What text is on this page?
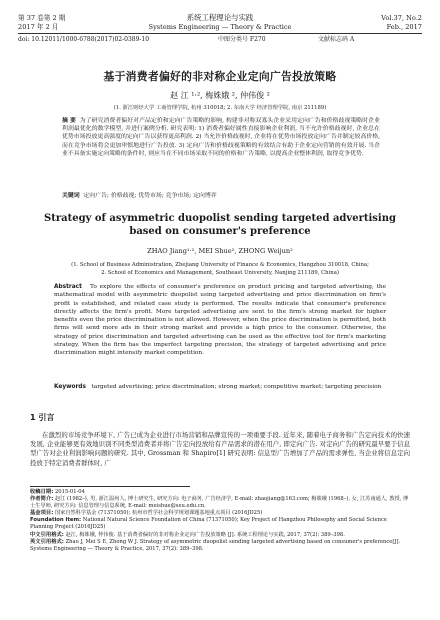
第 37 卷第 2 期
2017 年 2 月
系统工程理论与实践
Systems Engineering — Theory & Practice
Vol.37, No.2
Feb., 2017
doi: 10.12011/1000-6788(2017)02-0389-10	中图分类号 F270	文献标志码 A
基于消费者偏好的非对称企业定向广告投放策略
赵 江 ¹·², 梅姝娥 ², 仲伟俊 ²
(1. 浙江财经大学 工商管理学院, 杭州 310018; 2. 东南大学 经济管理学院, 南京 211189)
摘 要 为了研究消费者偏好对产品定价和定向广告策略的影响, 构建非对称双寡头企业采用定向广告和价格歧视策略时企业利润最优化的数学模型, 并进行案例分析. 研究表明: 1) 消费者偏好属性直接影响企业利润, 当不允许价格歧视时, 企业总在优势市场投放更高强度的定向广告以获得更高利润. 2) 当允许价格歧视时, 企业将在优势市场投放定向广告并制定较高价格, 而在竞争市场将会更加审慎地进行广告投放. 3) 定向广告和价格歧视策略的有效结合有助于企业定向营销的有效开展. 当企业不具备实施定向策略的条件时, 则应当在不同市场采取不同的价格和广告策略, 以提高企业整体利润, 取得竞争优势.
关键词 定向广告; 价格歧视; 优势市场; 竞争市场; 定向博弈
Strategy of asymmetric duopolist sending targeted advertising based on consumer's preference
ZHAO Jiang¹·², MEI Shue², ZHONG Weijun²
(1. School of Business Administration, Zhejiang University of Finance & Economics, Hangzhou 310018, China;
2. School of Economics and Management, Southeast University, Nanjing 211189, China)
Abstract To explore the effects of consumer's preference on product pricing and targeted advertising, the mathematical model with asymmetric duopolist using targeted advertising and price discrimination on firm's profit is established, and related case study is performed. The results indicate that consumer's preference directly affects the firm's profit. More targeted advertising are sent to the firm's strong market for higher benefits even the price discrimination is not allowed. However, when the price discrimination is permitted, both firms will send more ads in their strong market and provide a high price to the consumer. Otherwise, the strategy of price discrimination and targeted advertising can be used as the effective tool for firm's marketing strategy. When the firm has the imperfect targeting precision, the strategy of targeted advertising and price discrimination might intensify market competition.
Keywords targeted advertising; price discrimination; strong market; competitive market; targeting precision
1 引言
在激烈的市场竞争环境下, 广告已成为企业进行市场营销和品牌宣传的一项重要手段. 近年来, 随着电子商务和广告定向技术的快速发展, 企业能够更有效地识别不同类型消费者并将广告定向投放给有产品需求的潜在用户, 即定向广告. 对定向广告的研究最早要于信息型广告对企业利润影响问题的研究. 其中, Grossman 和 Shapiro[1] 研究表明: 信息型广告增加了产品的需求弹性, 当企业将信息定向投放于特定消费者群体时, 广
收稿日期: 2015-01-04
作者简介: 赵江 (1982–), 男, 浙江温州人, 博士研究生, 研究方向: 电子商务, 广告经济学, E-mail: zhaojiang@163.com; 梅姝娥 (1968–), 女, 江苏南通人, 教授, 博士生导师, 研究方向: 信息管理与信息系统, E-mail: meishue@seu.edu.cn.
基金项目: 国家自然科学基金 (71371050); 杭州市哲学社会科学规划课题基地重点项目 (2016JD25)
Foundation item: National Natural Science Foundation of China (71371050); Key Project of Hangzhou Philosophy and Social Science Planning Project (2016JD25)
中文引用格式: 赵江, 梅姝娥, 仲伟俊. 基于消费者偏好的非对称企业定向广告投放策略 [J]. 系统工程理论与实践, 2017, 37(2): 389–398.
英文引用格式: Zhao J, Mei S E, Zhong W J. Strategy of asymmetric duopolist sending targeted advertising based on consumer's preference[J]. Systems Engineering — Theory & Practice, 2017, 37(2): 389–398.
